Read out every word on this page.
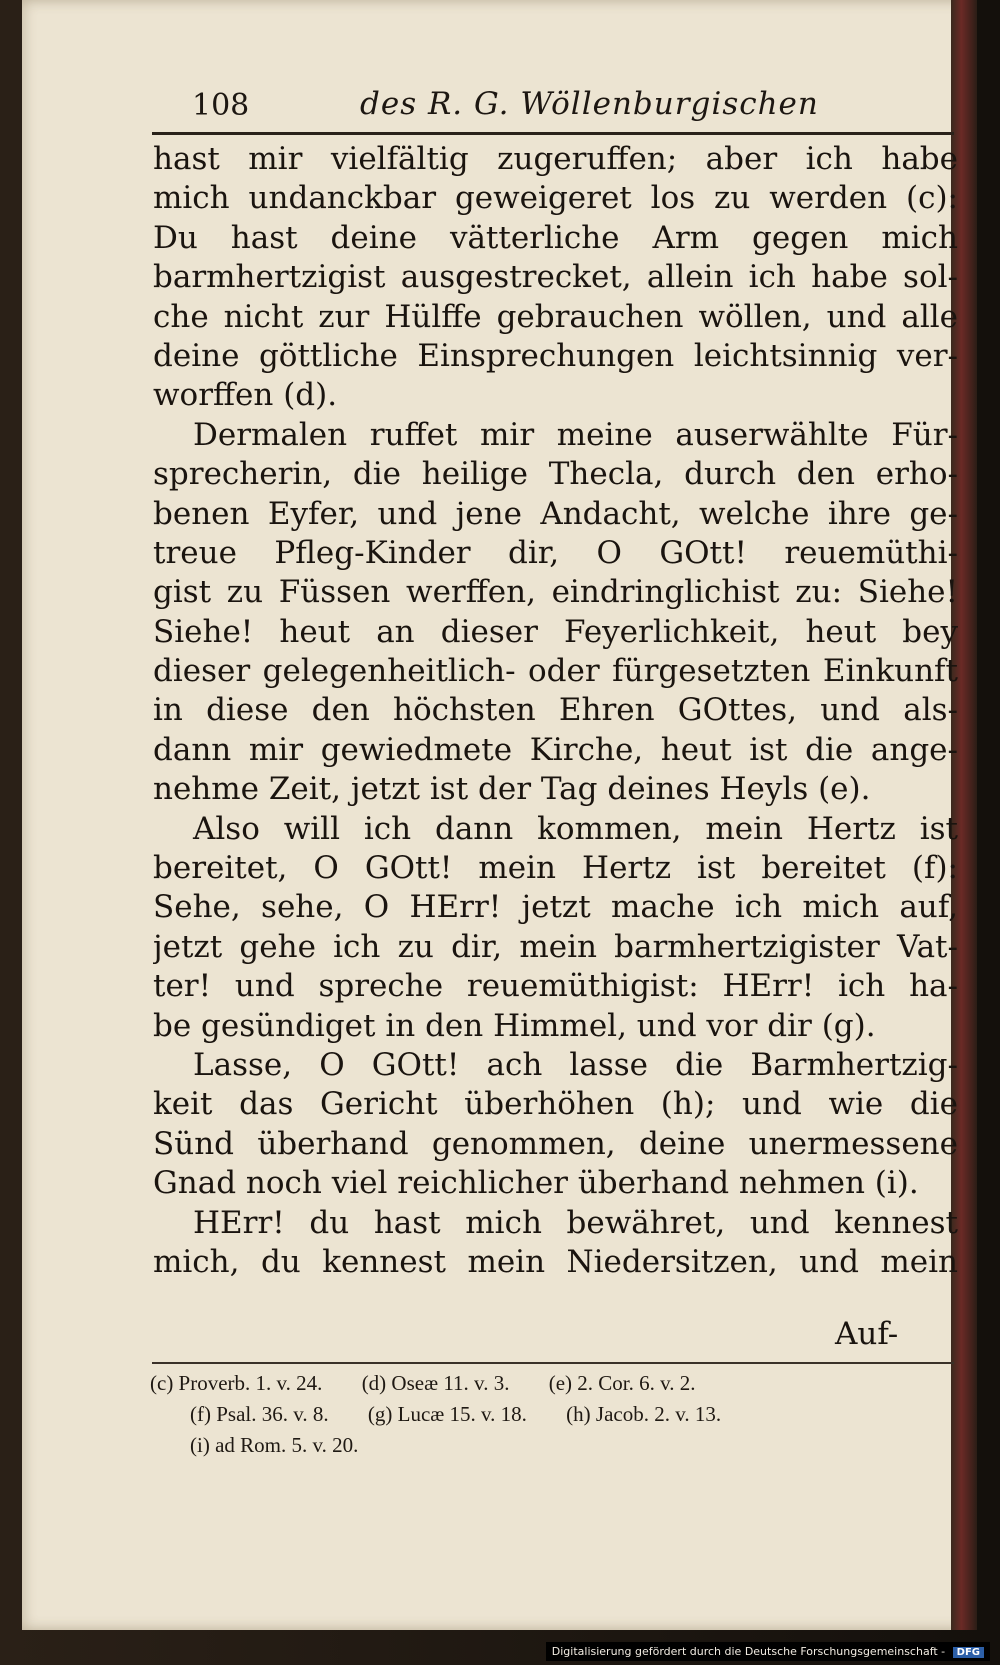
108	des R. G. Wöllenburgischen
hast mir vielfältig zugeruffen; aber ich habe
mich undanckbar geweigeret los zu werden (c):
Du hast deine vätterliche Arm gegen mich
barmhertzigist ausgestrecket, allein ich habe sol-
che nicht zur Hülffe gebrauchen wöllen, und alle
deine göttliche Einsprechungen leichtsinnig ver-
worffen (d).
Dermalen ruffet mir meine auserwählte Für-
sprecherin, die heilige Thecla, durch den erho-
benen Eyfer, und jene Andacht, welche ihre ge-
treue Pfleg-Kinder dir, O GOtt! reuemüthi-
gist zu Füssen werffen, eindringlichist zu: Siehe!
Siehe! heut an dieser Feyerlichkeit, heut bey
dieser gelegenheitlich- oder fürgesetzten Einkunft
in diese den höchsten Ehren GOttes, und als-
dann mir gewiedmete Kirche, heut ist die ange-
nehme Zeit, jetzt ist der Tag deines Heyls (e).
Also will ich dann kommen, mein Hertz ist
bereitet, O GOtt! mein Hertz ist bereitet (f):
Sehe, sehe, O HErr! jetzt mache ich mich auf,
jetzt gehe ich zu dir, mein barmhertzigister Vat-
ter! und spreche reuemüthigist: HErr! ich ha-
be gesündiget in den Himmel, und vor dir (g).
Lasse, O GOtt! ach lasse die Barmhertzig-
keit das Gericht überhöhen (h); und wie die
Sünd überhand genommen, deine unermessene
Gnad noch viel reichlicher überhand nehmen (i).
HErr! du hast mich bewähret, und kennest
mich, du kennest mein Niedersitzen, und mein
Auf-
(c) Proverb. 1. v. 24. (d) Oseæ 11. v. 3. (e) 2. Cor. 6. v. 2.
(f) Psal. 36. v. 8. (g) Lucæ 15. v. 18. (h) Jacob. 2. v. 13.
(i) ad Rom. 5. v. 20.
Digitalisierung gefördert durch die Deutsche Forschungsgemeinschaft - DFG
